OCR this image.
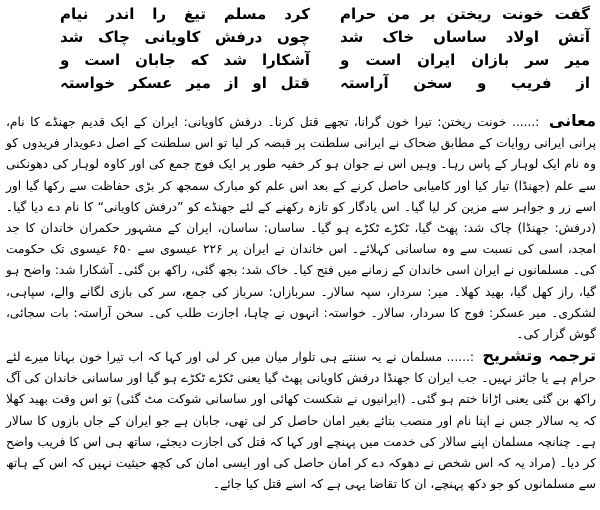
گفت خونت ریختن بر من حرام
کرد مسلم تیغ را اندر نیام
آتش اولاد ساساں خاک شد
چوں درفش کاویانی چاک شد
میر سر بازان ایران است و
آشکارا شد که جابان است و
از فریب و سخن آراستہ
قتل او از میر عسکر خواستہ
معانی :...... خونت ریختن: تیرا خون گرانا، تجھے قتل کرنا۔ درفش کاویانی: ایران کے ایک قدیم جھنڈے کا نام، پرانی ایرانی روایات کے مطابق ضحاک نے ایرانی سلطنت پر قبضہ کر لیا تو اس سلطنت کے اصل دعویدار فریدوں کو وہ نام ایک لوہار کے پاس رہا۔ وہیں اس نے جوان ہو کر خفیہ طور پر ایک فوج جمع کی اور کاوہ لوہار کی دھونکنی سے علم (جھنڈا) تیار کیا اور کامیابی حاصل کرنے کے بعد اس علم کو مبارک سمجھ کر بڑی حفاظت سے رکھا گیا اور اسے زر و جواہر سے مزین کر لیا گیا۔ اس یادگار کو تازہ رکھنے کے لئے جھنڈے کو ”درفش کاویانی“ کا نام دے دیا گیا۔ (درفش: جھنڈا) چاک شد: پھٹ گیا، ٹکڑے ٹکڑے ہو گیا۔ ساساں: ساسان، ایران کے مشہور حکمران خاندان کا جد امجد، اسی کی نسبت سے وہ ساسانی کہلائے۔ اس خاندان نے ایران پر ۲۲۶ عیسوی سے ۶۵۰ عیسوی تک حکومت کی۔ مسلمانوں نے ایران اسی خاندان کے زمانے میں فتح کیا۔ خاک شد: بجھ گئی، راکھ بن گئی۔ آشکارا شد: واضح ہو گیا، راز کھل گیا، بھید کھلا۔ میر: سردار، سپہ سالار۔ سربازاں: سرباز کی جمع، سر کی بازی لگانے والے، سپاہی، لشکری۔ میر عسکر: فوج کا سردار، سالار۔ خواستہ: انہوں نے چاہا، اجازت طلب کی۔ سخن آراستہ: بات سجائی، گوش گزار کی۔
ترجمہ وتشریح :...... مسلمان نے یہ سنتے ہی تلوار میان میں کر لی اور کہا کہ اب تیرا خون بہانا میرے لئے حرام ہے یا جائز نہیں۔ جب ایران کا جھنڈا درفش کاویانی پھٹ گیا یعنی ٹکڑے ٹکڑے ہو گیا اور ساسانی خاندان کی آگ راکھ بن گئی یعنی اڑانا ختم ہو گئی۔ (ایرانیوں نے شکست کھائی اور ساسانی شوکت مٹ گئی) تو اس وقت بھید کھلا کہ یہ سالار جس نے اپنا نام اور منصب بتائے بغیر امان حاصل کر لی تھی، جابان ہے جو ایران کے جاں بازوں کا سالار ہے۔ چنانچہ مسلمان اپنے سالار کی خدمت میں پہنچے اور کہا کہ قتل کی اجازت دیجئے، ساتھ ہی اس کا فریب واضح کر دیا۔ (مراد یہ کہ اس شخص نے دھوکہ دے کر امان حاصل کی اور ایسی امان کی کچھ حیثیت نہیں کہ اس کے ہاتھ سے مسلمانوں کو جو دکھ پہنچے، ان کا تقاضا یہی ہے کہ اسے قتل کیا جائے۔
